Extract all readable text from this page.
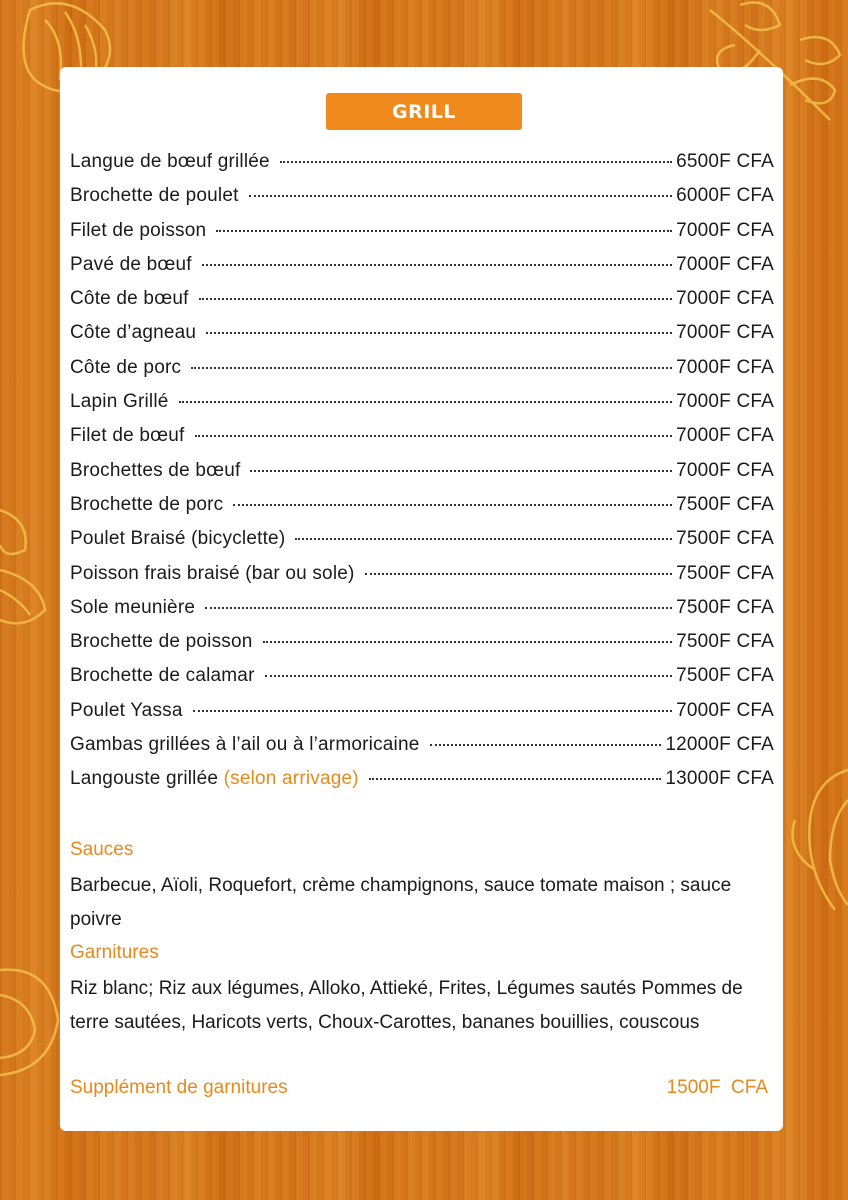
GRILL
Langue de bœuf grillée	6500F CFA
Brochette de poulet	6000F CFA
Filet de poisson	7000F CFA
Pavé de bœuf	7000F CFA
Côte de bœuf	7000F CFA
Côte d’agneau	7000F CFA
Côte de porc	7000F CFA
Lapin Grillé	7000F CFA
Filet de bœuf	7000F CFA
Brochettes de bœuf	7000F CFA
Brochette de porc	7500F CFA
Poulet Braisé (bicyclette)	7500F CFA
Poisson frais braisé (bar ou sole)	7500F CFA
Sole meunière	7500F CFA
Brochette de poisson	7500F CFA
Brochette de calamar	7500F CFA
Poulet Yassa	7000F CFA
Gambas grillées à l’ail ou à l’armoricaine	12000F CFA
Langouste grillée (selon arrivage)	13000F CFA
Sauces
Barbecue, Aïoli, Roquefort, crème champignons, sauce tomate maison ; sauce poivre
Garnitures
Riz blanc; Riz aux légumes, Alloko, Attieké, Frites, Légumes sautés Pommes de terre sautées, Haricots verts, Choux-Carottes, bananes bouillies, couscous
Supplément de garnitures	1500F  CFA
